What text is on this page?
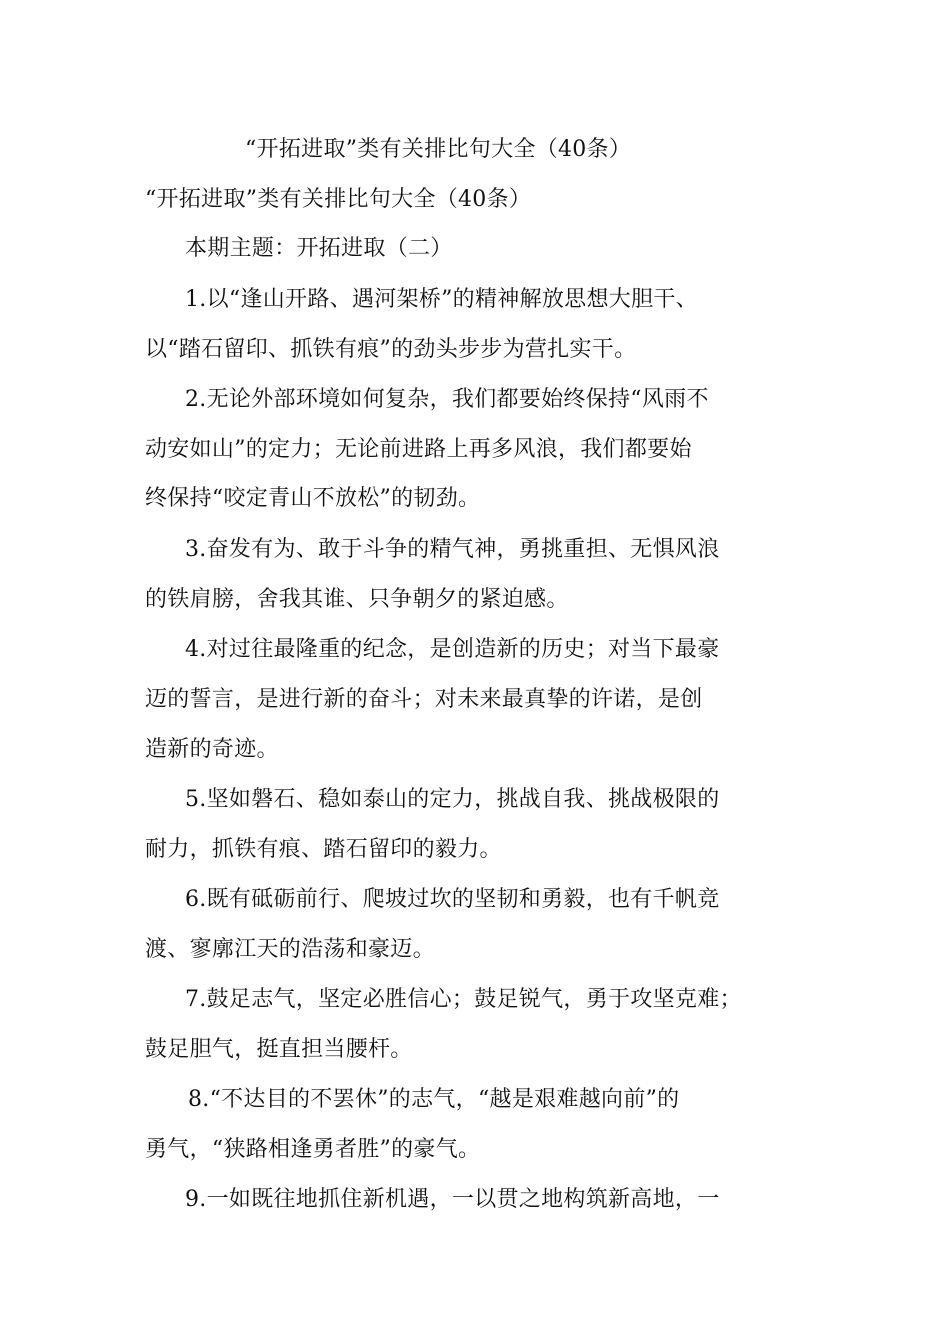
“开拓进取”类有关排比句大全（40条）
“开拓进取”类有关排比句大全（40条）
本期主题：开拓进取（二）
1.以“逢山开路、遇河架桥”的精神解放思想大胆干、
以“踏石留印、抓铁有痕”的劲头步步为营扎实干。
2.无论外部环境如何复杂，我们都要始终保持“风雨不
动安如山”的定力；无论前进路上再多风浪，我们都要始
终保持“咬定青山不放松”的韧劲。
3.奋发有为、敢于斗争的精气神，勇挑重担、无惧风浪
的铁肩膀，舍我其谁、只争朝夕的紧迫感。
4.对过往最隆重的纪念，是创造新的历史；对当下最豪
迈的誓言，是进行新的奋斗；对未来最真挚的许诺，是创
造新的奇迹。
5.坚如磐石、稳如泰山的定力，挑战自我、挑战极限的
耐力，抓铁有痕、踏石留印的毅力。
6.既有砥砺前行、爬坡过坎的坚韧和勇毅，也有千帆竞
渡、寥廓江天的浩荡和豪迈。
7.鼓足志气，坚定必胜信心；鼓足锐气，勇于攻坚克难；
鼓足胆气，挺直担当腰杆。
8.“不达目的不罢休”的志气，“越是艰难越向前”的
勇气，“狭路相逢勇者胜”的豪气。
9.一如既往地抓住新机遇，一以贯之地构筑新高地，一
